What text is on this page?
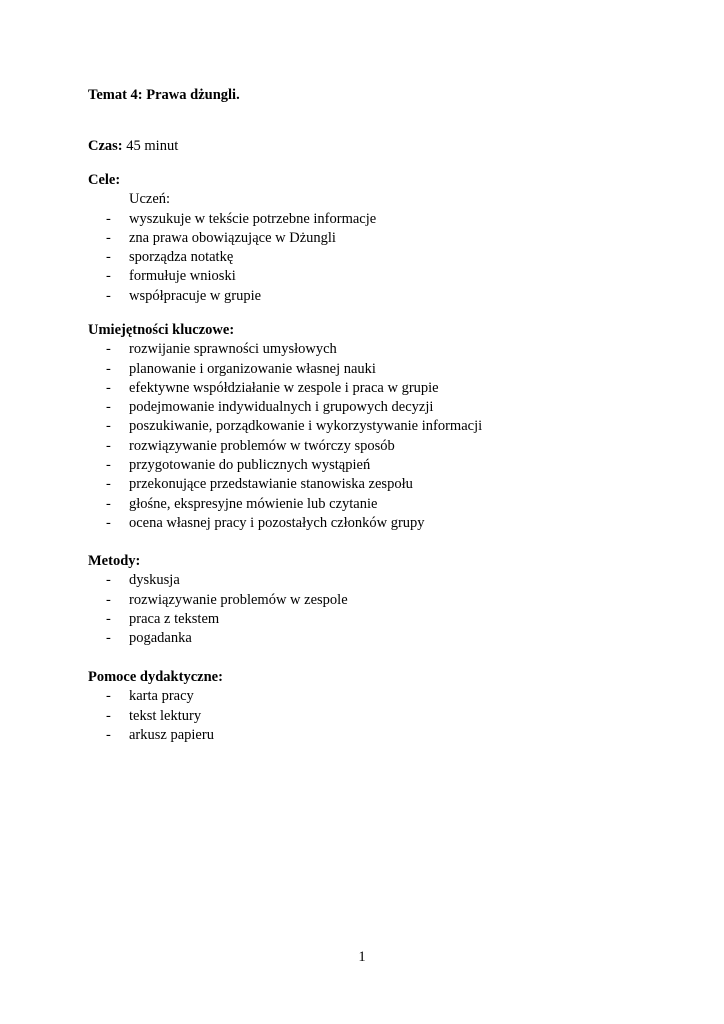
Temat 4: Prawa dżungli.
Czas: 45 minut
Cele:
Uczeń:
- wyszukuje w tekście potrzebne informacje
- zna prawa obowiązujące w Dżungli
- sporządza notatkę
- formułuje wnioski
- współpracuje w grupie
Umiejętności kluczowe:
- rozwijanie sprawności umysłowych
- planowanie i organizowanie własnej nauki
- efektywne współdziałanie w zespole i praca w grupie
- podejmowanie indywidualnych i grupowych decyzji
- poszukiwanie, porządkowanie i wykorzystywanie informacji
- rozwiązywanie problemów w twórczy sposób
- przygotowanie do publicznych wystąpień
- przekonujące przedstawianie stanowiska zespołu
- głośne, ekspresyjne mówienie lub czytanie
- ocena własnej pracy i pozostałych członków grupy
Metody:
- dyskusja
- rozwiązywanie problemów w zespole
- praca z tekstem
- pogadanka
Pomoce dydaktyczne:
- karta pracy
- tekst lektury
- arkusz papieru
1
